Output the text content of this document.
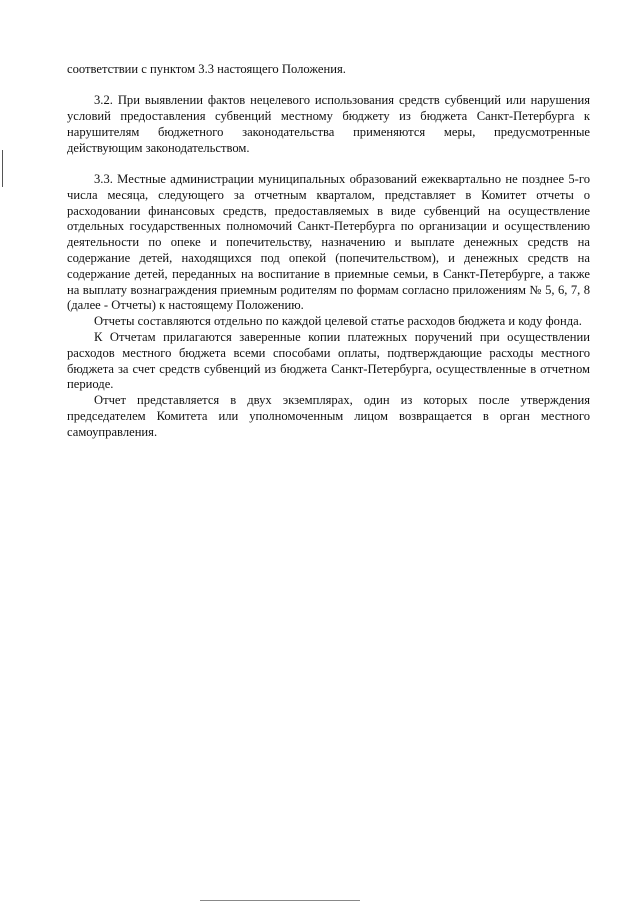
соответствии с пунктом 3.3 настоящего Положения.

3.2. При выявлении фактов нецелевого использования средств субвенций или нарушения условий предоставления субвенций местному бюджету из бюджета Санкт-Петербурга к нарушителям бюджетного законодательства применяются меры, предусмотренные действующим законодательством.

3.3. Местные администрации муниципальных образований ежеквартально не позднее 5-го числа месяца, следующего за отчетным кварталом, представляет в Комитет отчеты о расходовании финансовых средств, предоставляемых в виде субвенций на осуществление отдельных государственных полномочий Санкт-Петербурга по организации и осуществлению деятельности по опеке и попечительству, назначению и выплате денежных средств на содержание детей, находящихся под опекой (попечительством), и денежных средств на содержание детей, переданных на воспитание в приемные семьи, в Санкт-Петербурге, а также на выплату вознаграждения приемным родителям по формам согласно приложениям № 5, 6, 7, 8 (далее - Отчеты) к настоящему Положению.

Отчеты составляются отдельно по каждой целевой статье расходов бюджета и коду фонда.

К Отчетам прилагаются заверенные копии платежных поручений при осуществлении расходов местного бюджета всеми способами оплаты, подтверждающие расходы местного бюджета за счет средств субвенций из бюджета Санкт-Петербурга, осуществленные в отчетном периоде.

Отчет представляется в двух экземплярах, один из которых после утверждения председателем Комитета или уполномоченным лицом возвращается в орган местного самоуправления.
